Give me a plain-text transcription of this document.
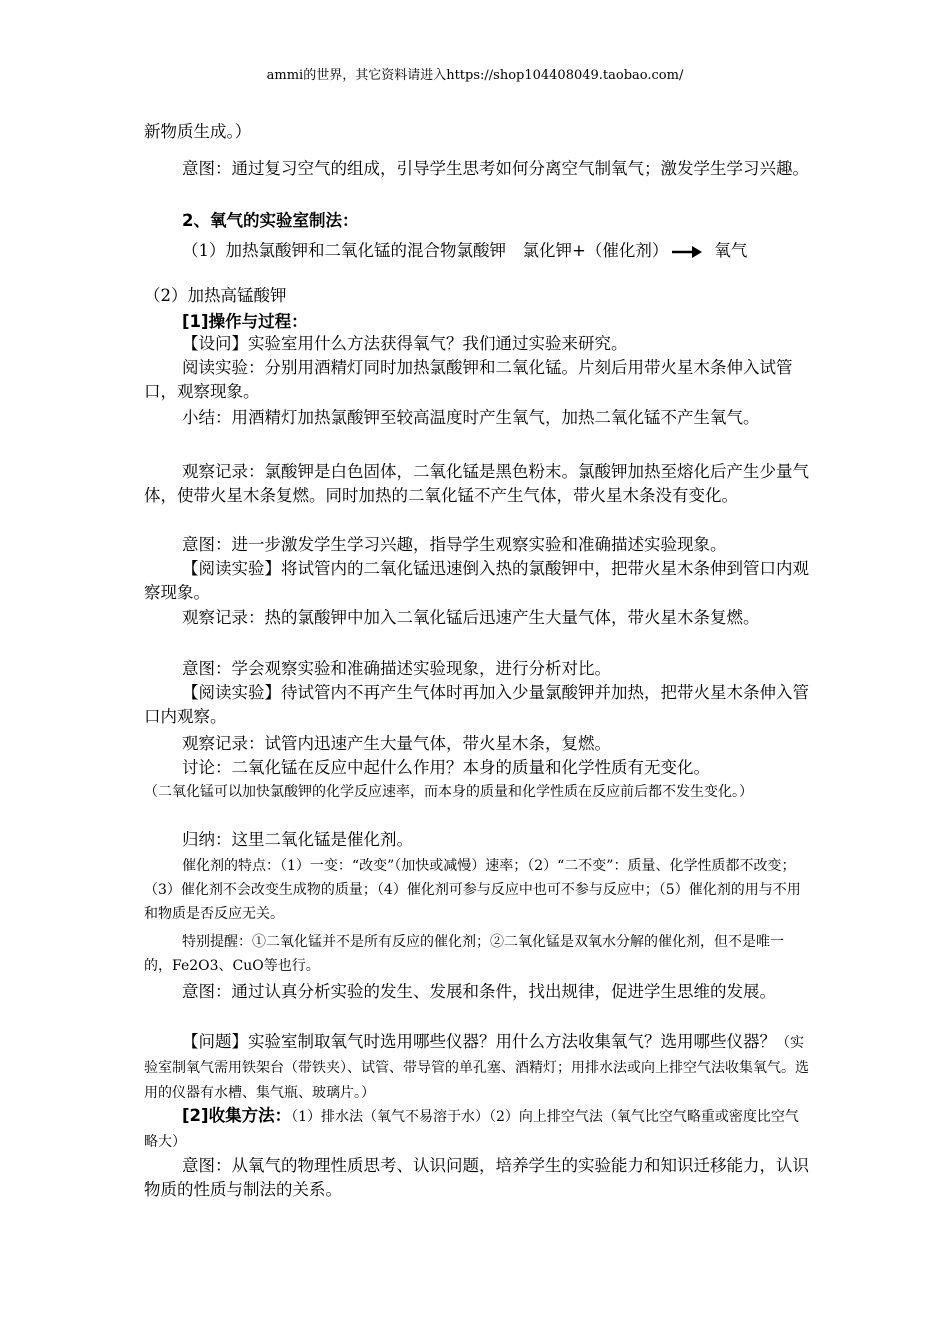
ammi的世界，其它资料请进入https://shop104408049.taobao.com/

新物质生成。）

意图：通过复习空气的组成，引导学生思考如何分离空气制氧气；激发学生学习兴趣。

2、氧气的实验室制法：

（1）加热氯酸钾和二氧化锰的混合物氯酸钾　氯化钾+（催化剂） → 氧气

（2）加热高锰酸钾

[1]操作与过程：

【设问】实验室用什么方法获得氧气？我们通过实验来研究。

阅读实验：分别用酒精灯同时加热氯酸钾和二氧化锰。片刻后用带火星木条伸入试管口，观察现象。

小结：用酒精灯加热氯酸钾至较高温度时产生氧气，加热二氧化锰不产生氧气。

观察记录：氯酸钾是白色固体，二氧化锰是黑色粉末。氯酸钾加热至熔化后产生少量气体，使带火星木条复燃。同时加热的二氧化锰不产生气体，带火星木条没有变化。

意图：进一步激发学生学习兴趣，指导学生观察实验和准确描述实验现象。

【阅读实验】将试管内的二氧化锰迅速倒入热的氯酸钾中，把带火星木条伸到管口内观察现象。

观察记录：热的氯酸钾中加入二氧化锰后迅速产生大量气体，带火星木条复燃。

意图：学会观察实验和准确描述实验现象，进行分析对比。

【阅读实验】待试管内不再产生气体时再加入少量氯酸钾并加热，把带火星木条伸入管口内观察。

观察记录：试管内迅速产生大量气体，带火星木条，复燃。

讨论：二氧化锰在反应中起什么作用？本身的质量和化学性质有无变化。

（二氧化锰可以加快氯酸钾的化学反应速率，而本身的质量和化学性质在反应前后都不发生变化。）

归纳：这里二氧化锰是催化剂。

催化剂的特点：（1）一变：“改变”（加快或减慢）速率；（2）“二不变”：质量、化学性质都不改变；（3）催化剂不会改变生成物的质量；（4）催化剂可参与反应中也可不参与反应中；（5）催化剂的用与不用和物质是否反应无关。

特别提醒：①二氧化锰并不是所有反应的催化剂；②二氧化锰是双氧水分解的催化剂，但不是唯一的，Fe2O3、CuO等也行。

意图：通过认真分析实验的发生、发展和条件，找出规律，促进学生思维的发展。

【问题】实验室制取氧气时选用哪些仪器？用什么方法收集氧气？选用哪些仪器？（实验室制氧气需用铁架台（带铁夹）、试管、带导管的单孔塞、酒精灯；用排水法或向上排空气法收集氧气。选用的仪器有水槽、集气瓶、玻璃片。）

[2]收集方法：（1）排水法（氧气不易溶于水）（2）向上排空气法（氧气比空气略重或密度比空气略大）

意图：从氧气的物理性质思考、认识问题，培养学生的实验能力和知识迁移能力，认识物质的性质与制法的关系。
